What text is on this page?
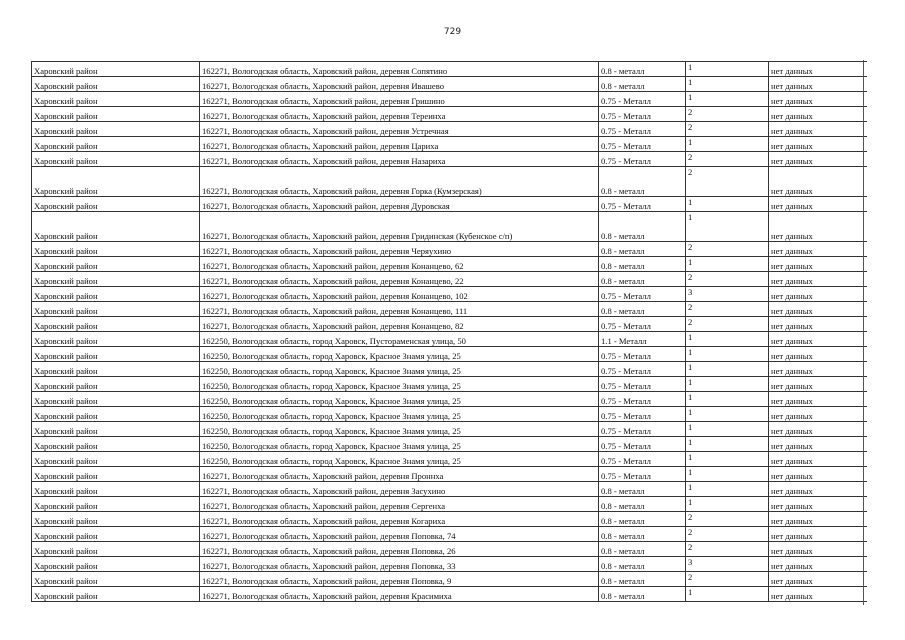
729
Харовский район	162271, Вологодская область, Харовский район, деревня Сопятино	0.8 - металл	1	нет данных
Харовский район	162271, Вологодская область, Харовский район, деревня Ивашево	0.8 - металл	1	нет данных
Харовский район	162271, Вологодская область, Харовский район, деревня Гришино	0.75 - Металл	1	нет данных
Харовский район	162271, Вологодская область, Харовский район, деревня Тереинха	0.75 - Металл	2	нет данных
Харовский район	162271, Вологодская область, Харовский район, деревня Устречная	0.75 - Металл	2	нет данных
Харовский район	162271, Вологодская область, Харовский район, деревня Цариха	0.75 - Металл	1	нет данных
Харовский район	162271, Вологодская область, Харовский район, деревня Назариха	0.75 - Металл	2	нет данных
Харовский район	162271, Вологодская область, Харовский район, деревня Горка (Кумзерская)	0.8 - металл	2	нет данных
Харовский район	162271, Вологодская область, Харовский район, деревня Дуровская	0.75 - Металл	1	нет данных
Харовский район	162271, Вологодская область, Харовский район, деревня Гридинская (Кубенское с/п)	0.8 - металл	1	нет данных
Харовский район	162271, Вологодская область, Харовский район, деревня Черяухино	0.8 - металл	2	нет данных
Харовский район	162271, Вологодская область, Харовский район, деревня Конанцево, 62	0.8 - металл	1	нет данных
Харовский район	162271, Вологодская область, Харовский район, деревня Конанцево, 22	0.8 - металл	2	нет данных
Харовский район	162271, Вологодская область, Харовский район, деревня Конанцево, 102	0.75 - Металл	3	нет данных
Харовский район	162271, Вологодская область, Харовский район, деревня Конанцево, 111	0.8 - металл	2	нет данных
Харовский район	162271, Вологодская область, Харовский район, деревня Конанцево, 82	0.75 - Металл	2	нет данных
Харовский район	162250, Вологодская область, город Харовск, Пустораменская улица, 50	1.1 - Металл	1	нет данных
Харовский район	162250, Вологодская область, город Харовск, Красное Знамя улица, 25	0.75 - Металл	1	нет данных
Харовский район	162250, Вологодская область, город Харовск, Красное Знамя улица, 25	0.75 - Металл	1	нет данных
Харовский район	162250, Вологодская область, город Харовск, Красное Знамя улица, 25	0.75 - Металл	1	нет данных
Харовский район	162250, Вологодская область, город Харовск, Красное Знамя улица, 25	0.75 - Металл	1	нет данных
Харовский район	162250, Вологодская область, город Харовск, Красное Знамя улица, 25	0.75 - Металл	1	нет данных
Харовский район	162250, Вологодская область, город Харовск, Красное Знамя улица, 25	0.75 - Металл	1	нет данных
Харовский район	162250, Вологодская область, город Харовск, Красное Знамя улица, 25	0.75 - Металл	1	нет данных
Харовский район	162250, Вологодская область, город Харовск, Красное Знамя улица, 25	0.75 - Металл	1	нет данных
Харовский район	162271, Вологодская область, Харовский район, деревня Проннха	0.75 - Металл	1	нет данных
Харовский район	162271, Вологодская область, Харовский район, деревня Засухино	0.8 - металл	1	нет данных
Харовский район	162271, Вологодская область, Харовский район, деревня Сергенха	0.8 - металл	1	нет данных
Харовский район	162271, Вологодская область, Харовский район, деревня Когариха	0.8 - металл	2	нет данных
Харовский район	162271, Вологодская область, Харовский район, деревня Поповка, 74	0.8 - металл	2	нет данных
Харовский район	162271, Вологодская область, Харовский район, деревня Поповка, 26	0.8 - металл	2	нет данных
Харовский район	162271, Вологодская область, Харовский район, деревня Поповка, 33	0.8 - металл	3	нет данных
Харовский район	162271, Вологодская область, Харовский район, деревня Поповка, 9	0.8 - металл	2	нет данных
Харовский район	162271, Вологодская область, Харовский район, деревня Красимиха	0.8 - металл	1	нет данных
